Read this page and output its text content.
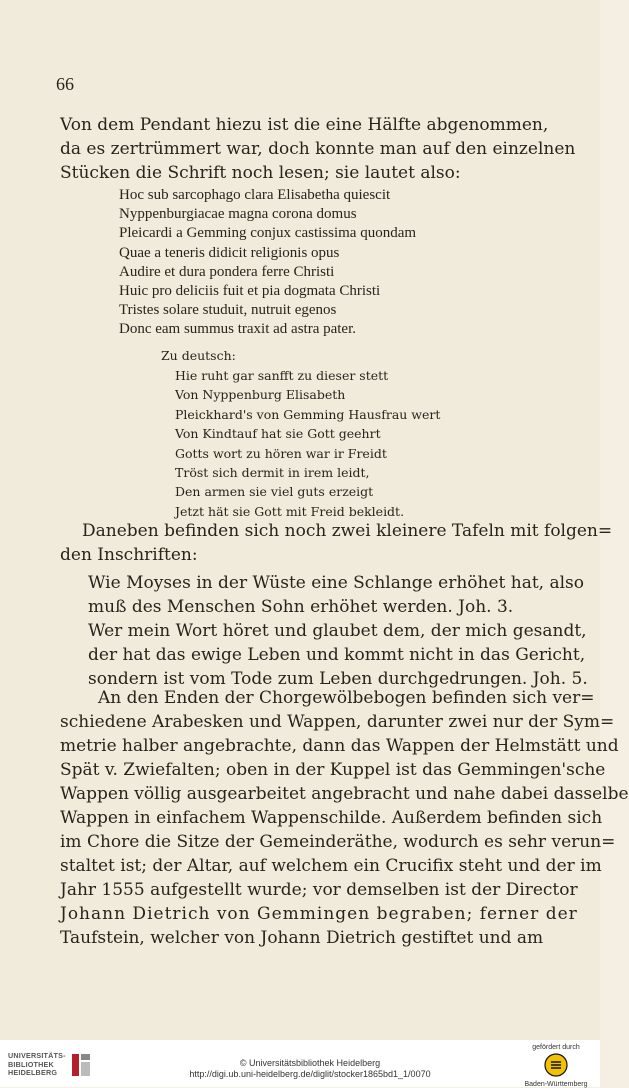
66

Von dem Pendant hiezu ist die eine Hälfte abgenommen,
da es zertrümmert war, doch konnte man auf den einzelnen
Stücken die Schrift noch lesen; sie lautet also:

Hoc sub sarcophago clara Elisabetha quiescit
Nyppenburgiacae magna corona domus
Pleicardi a Gemming conjux castissima quondam
Quae a teneris didicit religionis opus
Audire et dura pondera ferre Christi
Huic pro deliciis fuit et pia dogmata Christi
Tristes solare studuit, nutruit egenos
Donc eam summus traxit ad astra pater.
Zu deutsch:
Hie ruht gar sanfft zu dieser stett
Von Nyppenburg Elisabeth
Pleickhard's von Gemming Hausfrau wert
Von Kindtauf hat sie Gott geehrt
Gotts wort zu hören war ir Freidt
Tröst sich dermit in irem leidt,
Den armen sie viel guts erzeigt
Jetzt hät sie Gott mit Freid bekleidt.

Daneben befinden sich noch zwei kleinere Tafeln mit folgen=
den Inschriften:

Wie Moyses in der Wüste eine Schlange erhöhet hat, also
muß des Menschen Sohn erhöhet werden. Joh. 3.

Wer mein Wort höret und glaubet dem, der mich gesandt,
der hat das ewige Leben und kommt nicht in das Gericht,
sondern ist vom Tode zum Leben durchgedrungen. Joh. 5.

An den Enden der Chorgewölbebogen befinden sich ver=
schiedene Arabesken und Wappen, darunter zwei nur der Sym=
metrie halber angebrachte, dann das Wappen der Helmstätt und
Spät v. Zwiefalten; oben in der Kuppel ist das Gemmingen'sche
Wappen völlig ausgearbeitet angebracht und nahe dabei dasselbe
Wappen in einfachem Wappenschilde. Außerdem befinden sich
im Chore die Sitze der Gemeinderäthe, wodurch es sehr verun=
staltet ist; der Altar, auf welchem ein Crucifix steht und der im
Jahr 1555 aufgestellt wurde; vor demselben ist der Director
Johann Dietrich von Gemmingen begraben; ferner der
Taufstein, welcher von Johann Dietrich gestiftet und am

UNIVERSITÄTS-
BIBLIOTHEK
HEIDELBERG
© Universitätsbibliothek Heidelberg
http://digi.ub.uni-heidelberg.de/diglit/stocker1865bd1_1/0070
gefördert durch
Baden-Württemberg
